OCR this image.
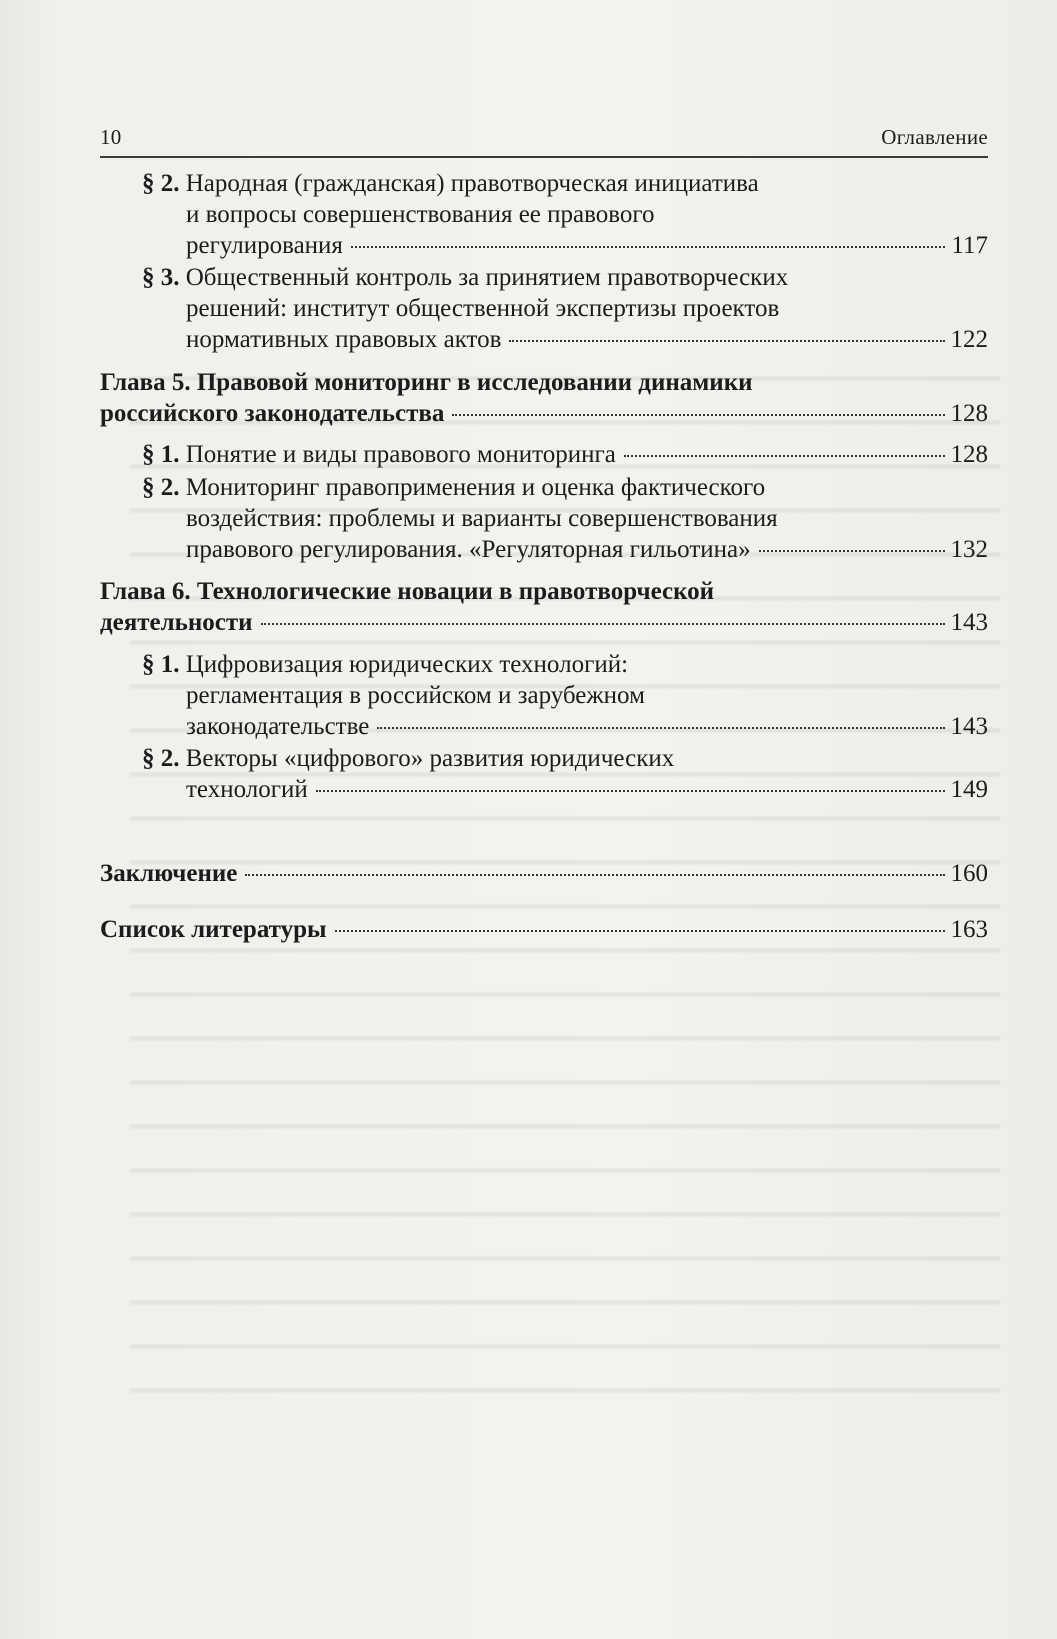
10	Оглавление
§ 2. Народная (гражданская) правотворческая инициатива
и вопросы совершенствования ее правового
регулирования	117
§ 3. Общественный контроль за принятием правотворческих
решений: институт общественной экспертизы проектов
нормативных правовых актов	122
Глава 5. Правовой мониторинг в исследовании динамики
российского законодательства	128
§ 1. Понятие и виды правового мониторинга	128
§ 2. Мониторинг правоприменения и оценка фактического
воздействия: проблемы и варианты совершенствования
правового регулирования. «Регуляторная гильотина»	132
Глава 6. Технологические новации в правотворческой
деятельности	143
§ 1. Цифровизация юридических технологий:
регламентация в российском и зарубежном
законодательстве	143
§ 2. Векторы «цифрового» развития юридических
технологий	149
Заключение	160
Список литературы	163
